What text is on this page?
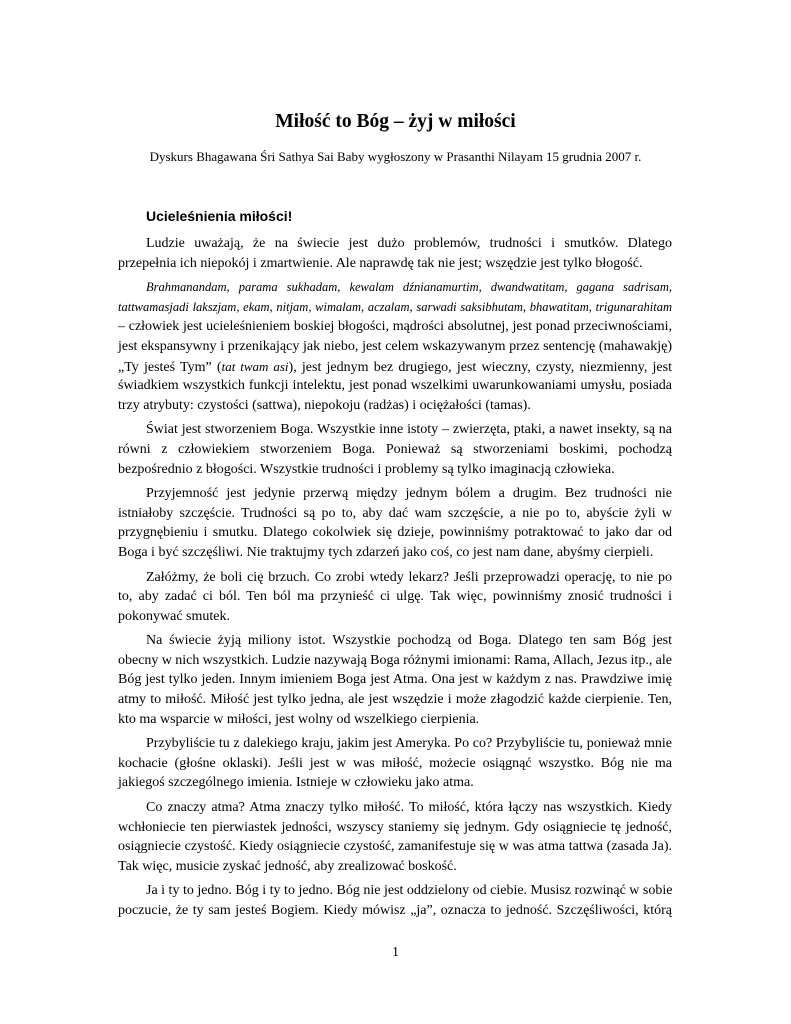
Miłość to Bóg – żyj w miłości
Dyskurs Bhagawana Śri Sathya Sai Baby wygłoszony w Prasanthi Nilayam 15 grudnia 2007 r.
Ucieleśnienia miłości!
Ludzie uważają, że na świecie jest dużo problemów, trudności i smutków. Dlatego
przepełnia ich niepokój i zmartwienie. Ale naprawdę tak nie jest; wszędzie jest tylko błogość.
Brahmanandam, parama sukhadam, kewalam dźnianamurtim, dwandwatitam, gagana sadrisam,
tattwamasjadi lakszjam, ekam, nitjam, wimalam, aczalam, sarwadi saksibhutam, bhawatitam, trigunarahitam
– człowiek jest ucieleśnieniem boskiej błogości, mądrości absolutnej, jest ponad przeciwnościami,
jest ekspansywny i przenikający jak niebo, jest celem wskazywanym przez sentencję (mahawakję)
„Ty jesteś Tym” (tat twam asi), jest jednym bez drugiego, jest wieczny, czysty, niezmienny, jest
świadkiem wszystkich funkcji intelektu, jest ponad wszelkimi uwarunkowaniami umysłu, posiada
trzy atrybuty: czystości (sattwa), niepokoju (radżas) i ociężałości (tamas).
Świat jest stworzeniem Boga. Wszystkie inne istoty – zwierzęta, ptaki, a nawet insekty, są na
równi z człowiekiem stworzeniem Boga. Ponieważ są stworzeniami boskimi, pochodzą
bezpośrednio z błogości. Wszystkie trudności i problemy są tylko imaginacją człowieka.
Przyjemność jest jedynie przerwą między jednym bólem a drugim. Bez trudności nie
istniałoby szczęście. Trudności są po to, aby dać wam szczęście, a nie po to, abyście żyli w
przygnębieniu i smutku. Dlatego cokolwiek się dzieje, powinniśmy potraktować to jako dar od
Boga i być szczęśliwi. Nie traktujmy tych zdarzeń jako coś, co jest nam dane, abyśmy cierpieli.
Załóżmy, że boli cię brzuch. Co zrobi wtedy lekarz? Jeśli przeprowadzi operację, to nie po
to, aby zadać ci ból. Ten ból ma przynieść ci ulgę. Tak więc, powinniśmy znosić trudności i
pokonywać smutek.
Na świecie żyją miliony istot. Wszystkie pochodzą od Boga. Dlatego ten sam Bóg jest
obecny w nich wszystkich. Ludzie nazywają Boga różnymi imionami: Rama, Allach, Jezus itp., ale
Bóg jest tylko jeden. Innym imieniem Boga jest Atma. Ona jest w każdym z nas. Prawdziwe imię
atmy to miłość. Miłość jest tylko jedna, ale jest wszędzie i może złagodzić każde cierpienie. Ten,
kto ma wsparcie w miłości, jest wolny od wszelkiego cierpienia.
Przybyliście tu z dalekiego kraju, jakim jest Ameryka. Po co? Przybyliście tu, ponieważ mnie
kochacie (głośne oklaski). Jeśli jest w was miłość, możecie osiągnąć wszystko. Bóg nie ma
jakiegoś szczególnego imienia. Istnieje w człowieku jako atma.
Co znaczy atma? Atma znaczy tylko miłość. To miłość, która łączy nas wszystkich. Kiedy
wchłoniecie ten pierwiastek jedności, wszyscy staniemy się jednym. Gdy osiągniecie tę jedność,
osiągniecie czystość. Kiedy osiągniecie czystość, zamanifestuje się w was atma tattwa (zasada Ja).
Tak więc, musicie zyskać jedność, aby zrealizować boskość.
Ja i ty to jedno. Bóg i ty to jedno. Bóg nie jest oddzielony od ciebie. Musisz rozwinąć w sobie
poczucie, że ty sam jesteś Bogiem. Kiedy mówisz „ja”, oznacza to jedność. Szczęśliwości, którą
1
